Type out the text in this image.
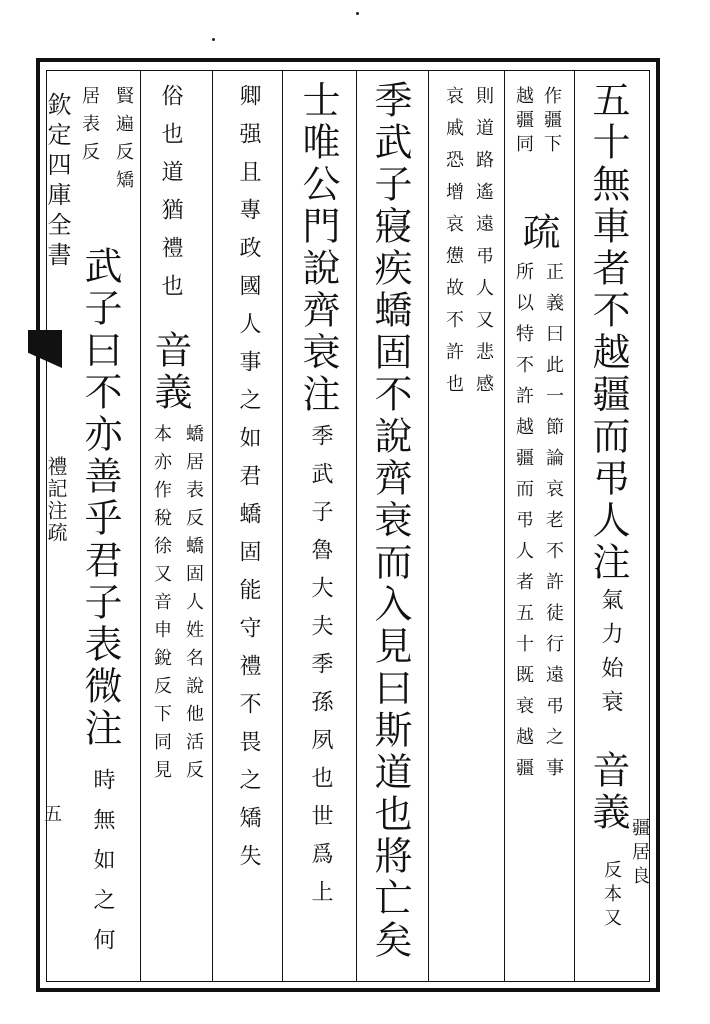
欽定四庫全書
禮記注疏
五
五十無車者不越疆而弔人注
氣力始衰
音義
疆居良
反本又
作疆下
越疆同
疏
正義曰此一節論哀老不許徒行遠弔之事
所以特不許越疆而弔人者五十既衰越疆
則道路遙遠弔人又悲感
哀戚恐增哀憊故不許也
季武子寢疾蟜固不說齊衰而入見曰斯道也將亡矣
士唯公門說齊衰注
季武子魯大夫季孫夙也世爲上
卿强且專政國人事之如君蟜固能守禮不畏之矯失
俗也道猶禮也
音義
蟜居表反蟜固人姓名說他活反
本亦作稅徐又音申銳反下同見
賢遍反矯
居表反
武子曰不亦善乎君子表微注
時無如之何
